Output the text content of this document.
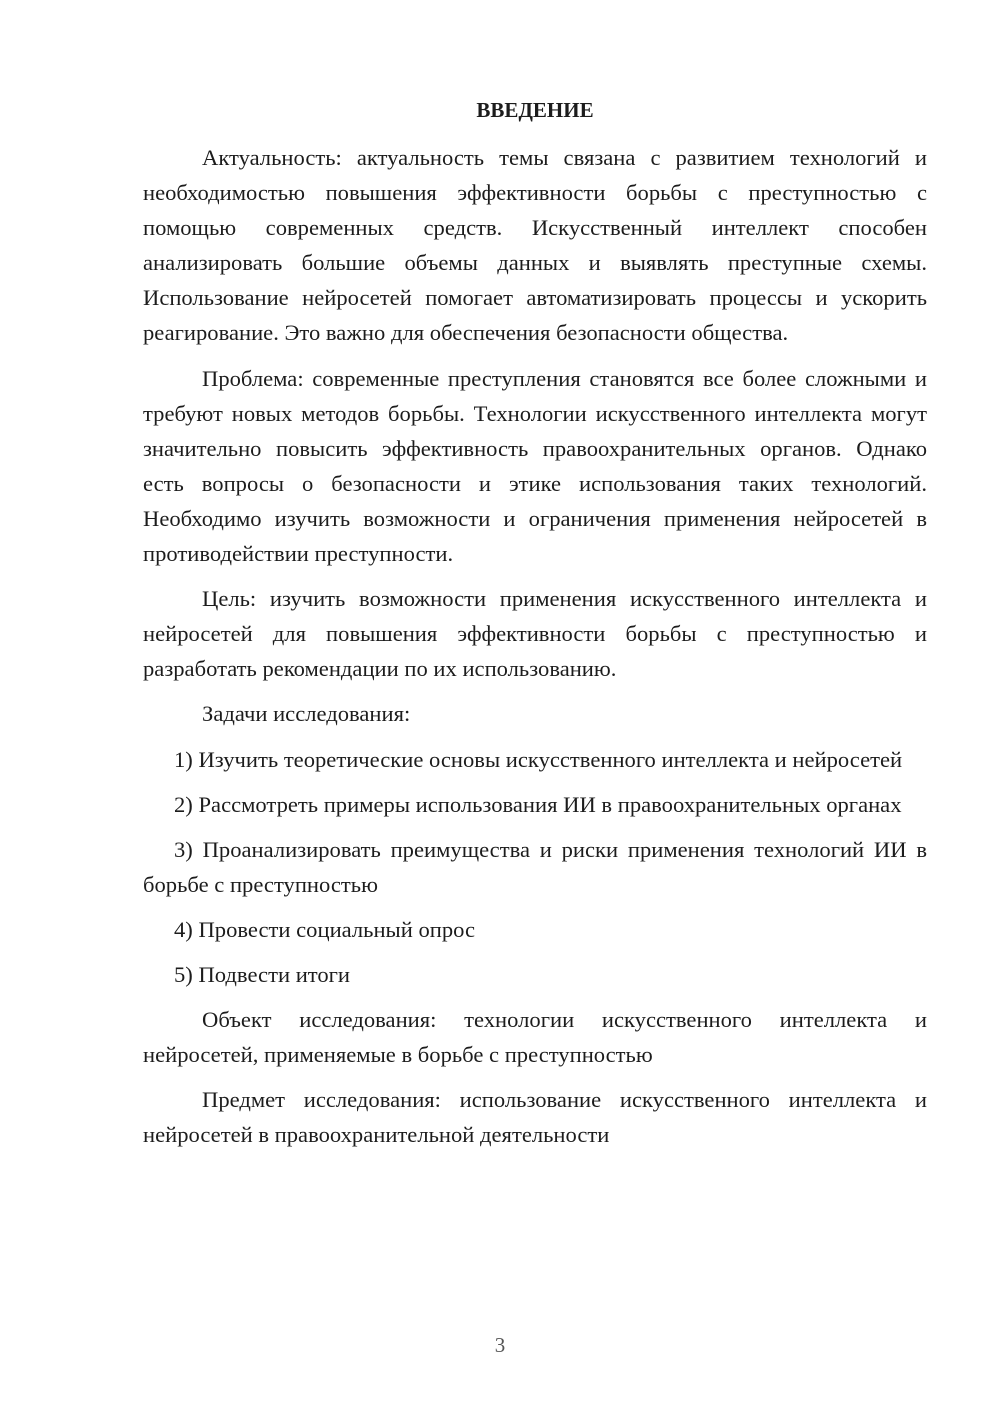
ВВЕДЕНИЕ

Актуальность: актуальность темы связана с развитием технологий и необходимостью повышения эффективности борьбы с преступностью с помощью современных средств. Искусственный интеллект способен анализировать большие объемы данных и выявлять преступные схемы. Использование нейросетей помогает автоматизировать процессы и ускорить реагирование. Это важно для обеспечения безопасности общества.

Проблема: современные преступления становятся все более сложными и требуют новых методов борьбы. Технологии искусственного интеллекта могут значительно повысить эффективность правоохранительных органов. Однако есть вопросы о безопасности и этике использования таких технологий. Необходимо изучить возможности и ограничения применения нейросетей в противодействии преступности.

Цель: изучить возможности применения искусственного интеллекта и нейросетей для повышения эффективности борьбы с преступностью и разработать рекомендации по их использованию.

Задачи исследования:

1) Изучить теоретические основы искусственного интеллекта и нейросетей

2) Рассмотреть примеры использования ИИ в правоохранительных органах

3) Проанализировать преимущества и риски применения технологий ИИ в борьбе с преступностью

4) Провести социальный опрос

5) Подвести итоги

Объект исследования: технологии искусственного интеллекта и нейросетей, применяемые в борьбе с преступностью

Предмет исследования: использование искусственного интеллекта и нейросетей в правоохранительной деятельности

3
